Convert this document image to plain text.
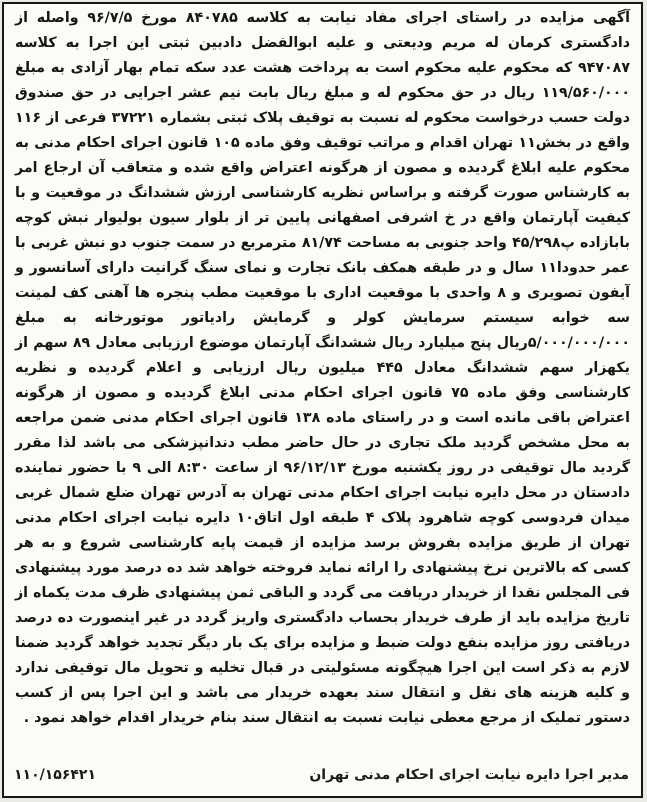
آگهی مزایده در راستای اجرای مفاد نیابت به کلاسه ۸۴۰۷۸۵ مورخ ۹۶/۷/۵ واصله از دادگستری کرمان له مریم ودیعتی و علیه ابوالفضل دادبین ثبتی این اجرا به کلاسه ۹۴۷۰۸۷ که محکوم علیه محکوم است به پرداخت هشت عدد سکه تمام بهار آزادی به مبلغ ۱۱۹/۵۶۰/۰۰۰ ریال در حق محکوم له و مبلغ ریال بابت نیم عشر اجرایی در حق صندوق دولت حسب درخواست محکوم له نسبت به توقیف پلاک ثبتی بشماره ۳۷۲۲۱ فرعی از ۱۱۶ واقع در بخش۱۱ تهران اقدام و مراتب توقیف وفق ماده ۱۰۵ قانون اجرای احکام مدنی به محکوم علیه ابلاغ گردیده و مصون از هرگونه اعتراض واقع شده و متعاقب آن ارجاع امر به کارشناس صورت گرفته و براساس نظریه کارشناسی ارزش ششدانگ در موقعیت و با کیفیت آپارتمان واقع در خ اشرفی اصفهانی پایین تر از بلوار سیون بولیوار نبش کوچه بابازاده پ۴۵/۲۹۸ واحد جنوبی به مساحت ۸۱/۷۴ مترمربع در سمت جنوب دو نبش غربی با عمر حدودا۱۱ سال و در طبقه همکف بانک تجارت و نمای سنگ گرانیت دارای آسانسور و آیفون تصویری و ۸ واحدی با موقعیت اداری با موقعیت مطب پنجره ها آهنی کف لمینت سه خوابه سیستم سرمایش کولر و گرمایش رادیاتور موتورخانه به مبلغ ۵/۰۰۰/۰۰۰/۰۰۰ریال پنج میلیارد ریال ششدانگ آپارتمان موضوع ارزیابی معادل ۸۹ سهم از یکهزار سهم ششدانگ معادل ۴۴۵ میلیون ریال ارزیابی و اعلام گردیده و نظریه کارشناسی وفق ماده ۷۵ قانون اجرای احکام مدنی ابلاغ گردیده و مصون از هرگونه اعتراض باقی مانده است و در راستای ماده ۱۳۸ قانون اجرای احکام مدنی ضمن مراجعه به محل مشخص گردید ملک تجاری در حال حاضر مطب دندانپزشکی می باشد لذا مقرر گردید مال توقیفی در روز یکشنبه مورخ ۹۶/۱۲/۱۳ از ساعت ۸:۳۰ الی ۹ با حضور نماینده دادستان در محل دایره نیابت اجرای احکام مدنی تهران به آدرس تهران ضلع شمال غربی میدان فردوسی کوچه شاهرود پلاک ۴ طبقه اول اتاق۱۰ دایره نیابت اجرای احکام مدنی تهران از طریق مزایده بفروش برسد مزایده از قیمت پایه کارشناسی شروع و به هر کسی که بالاترین نرخ پیشنهادی را ارائه نماید فروخته خواهد شد ده درصد مورد پیشنهادی فی المجلس نقدا از خریدار دریافت می گردد و الباقی ثمن پیشنهادی ظرف مدت یکماه از تاریخ مزایده باید از طرف خریدار بحساب دادگستری واریز گردد در غیر اینصورت ده درصد دریافتی روز مزایده بنفع دولت ضبط و مزایده برای یک بار دیگر تجدید خواهد گردید ضمنا لازم به ذکر است این اجرا هیچگونه مسئولیتی در قبال تخلیه و تحویل مال توقیفی ندارد و کلیه هزینه های نقل و انتقال سند بعهده خریدار می باشد و این اجرا پس از کسب دستور تملیک از مرجع معطی نیابت نسبت به انتقال سند بنام خریدار اقدام خواهد نمود .

مدیر اجرا دایره نیابت اجرای احکام مدنی تهران
۱۱۰/۱۵۶۴۲۱
